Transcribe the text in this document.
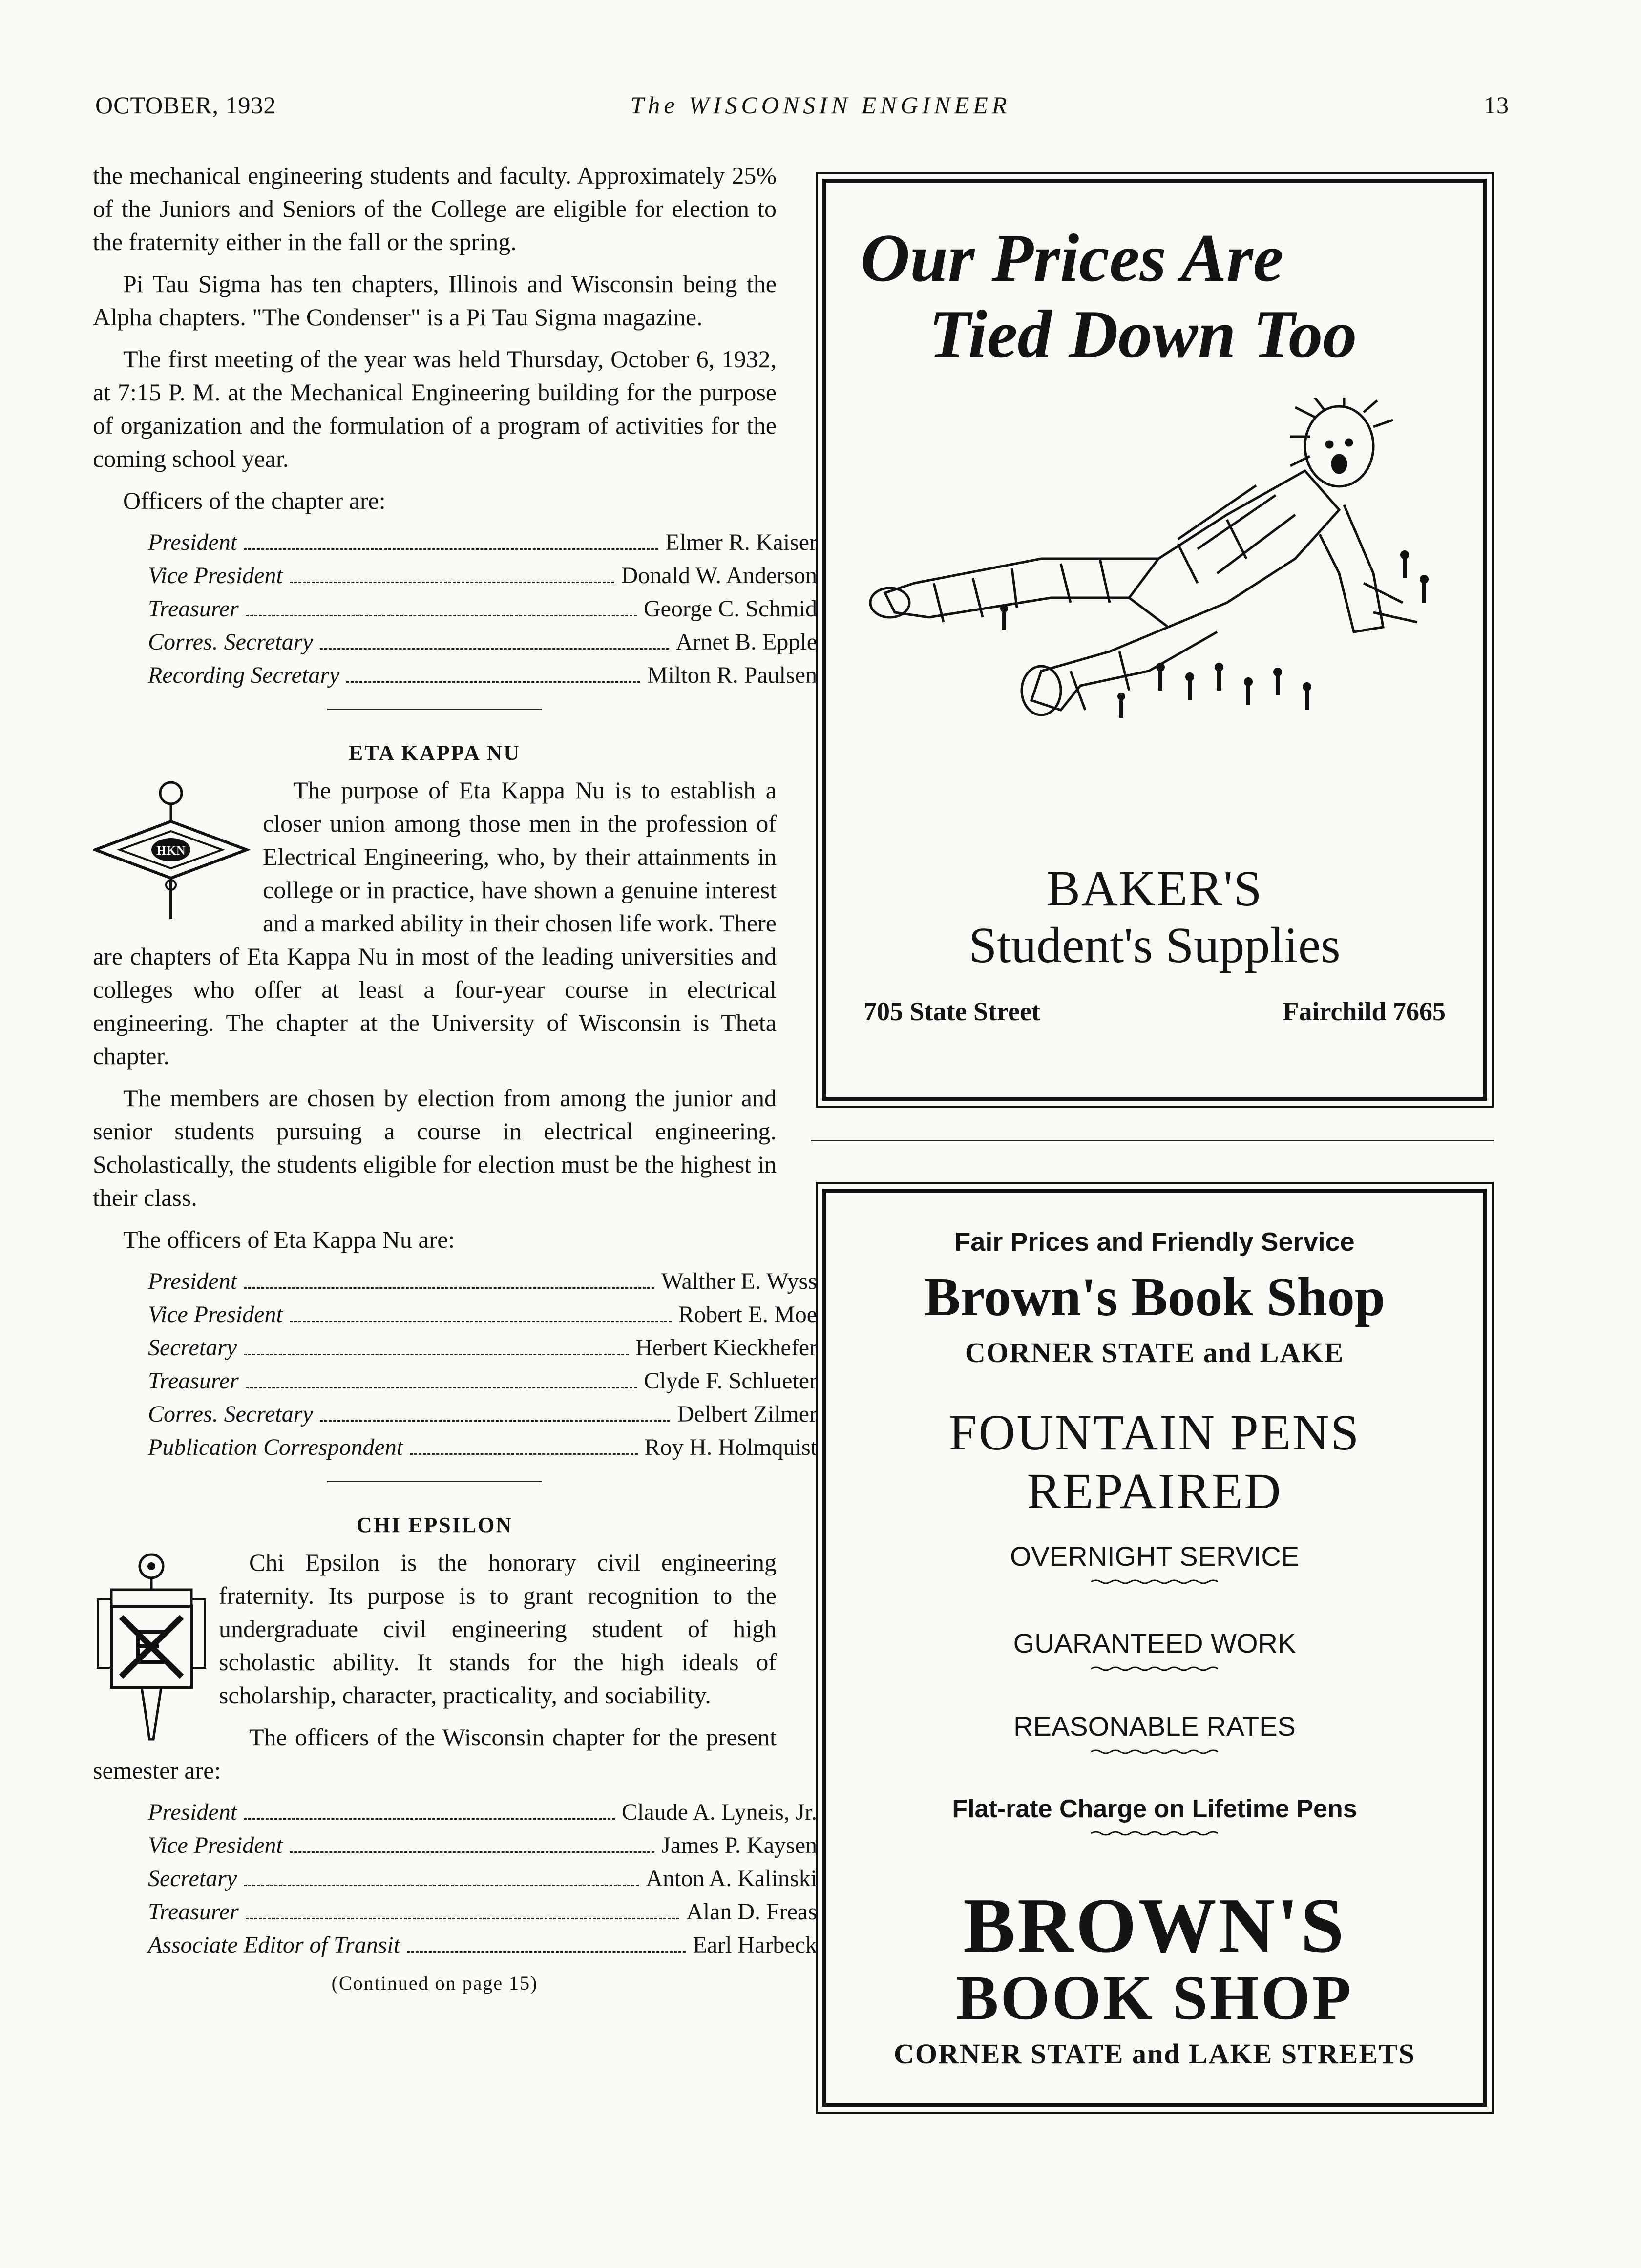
OCTOBER, 1932	The WISCONSIN ENGINEER	13

the mechanical engineering students and faculty. Approximately 25% of the Juniors and Seniors of the College are eligible for election to the fraternity either in the fall or the spring.

Pi Tau Sigma has ten chapters, Illinois and Wisconsin being the Alpha chapters. "The Condenser" is a Pi Tau Sigma magazine.

The first meeting of the year was held Thursday, October 6, 1932, at 7:15 P. M. at the Mechanical Engineering building for the purpose of organization and the formulation of a program of activities for the coming school year.

Officers of the chapter are:

President	Elmer R. Kaiser
Vice President	Donald W. Anderson
Treasurer	George C. Schmid
Corres. Secretary	Arnet B. Epple
Recording Secretary	Milton R. Paulsen
ETA KAPPA NU
HKN

The purpose of Eta Kappa Nu is to establish a closer union among those men in the profession of Electrical Engineering, who, by their attainments in college or in practice, have shown a genuine interest and a marked ability in their chosen life work. There are chapters of Eta Kappa Nu in most of the leading universities and colleges who offer at least a four-year course in electrical engineering. The chapter at the University of Wisconsin is Theta chapter.

The members are chosen by election from among the junior and senior students pursuing a course in electrical engineering. Scholastically, the students eligible for election must be the highest in their class.

The officers of Eta Kappa Nu are:

President	Walther E. Wyss
Vice President	Robert E. Moe
Secretary	Herbert Kieckhefer
Treasurer	Clyde F. Schlueter
Corres. Secretary	Delbert Zilmer
Publication Correspondent	Roy H. Holmquist
CHI EPSILON

Chi Epsilon is the honorary civil engineering fraternity. Its purpose is to grant recognition to the undergraduate civil engineering student of high scholastic ability. It stands for the high ideals of scholarship, character, practicality, and sociability.

The officers of the Wisconsin chapter for the present semester are:

President	Claude A. Lyneis, Jr.
Vice President	James P. Kaysen
Secretary	Anton A. Kalinski
Treasurer	Alan D. Freas
Associate Editor of Transit	Earl Harbeck
(Continued on page 15)
Our Prices Are
Tied Down Too
BAKER'S
Student's Supplies
705 State Street	Fairchild 7665
Fair Prices and Friendly Service
Brown's Book Shop
CORNER STATE and LAKE
FOUNTAIN PENS
REPAIRED
OVERNIGHT SERVICE
GUARANTEED WORK
REASONABLE RATES
Flat-rate Charge on Lifetime Pens
BROWN'S
BOOK SHOP
CORNER STATE and LAKE STREETS
